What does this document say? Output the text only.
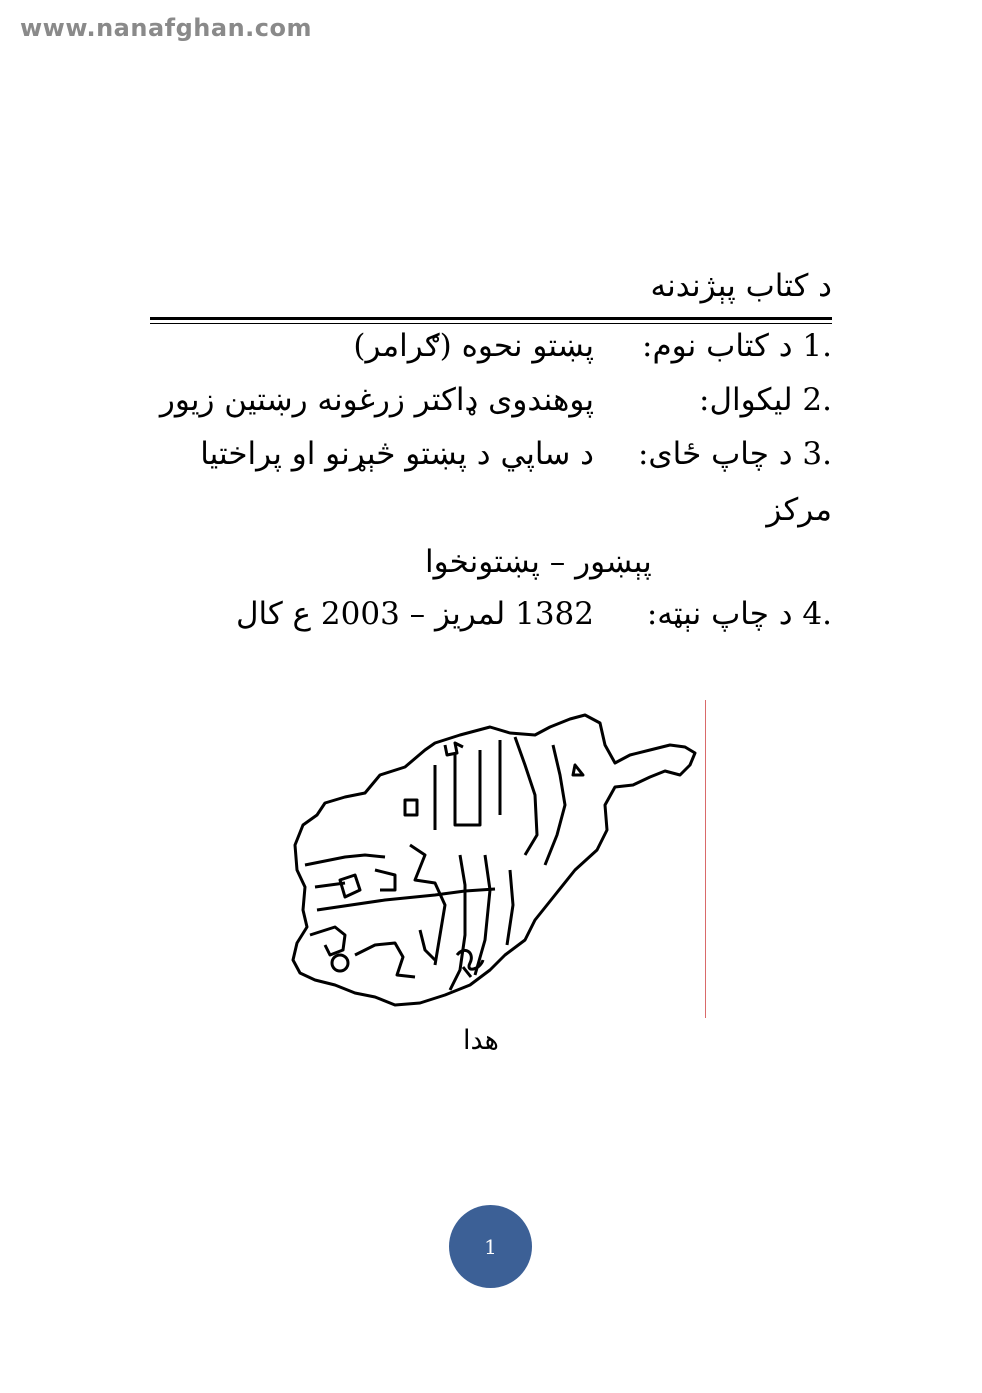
www.nanafghan.com
د کتاب پېژندنه
1. د کتاب نوم:
پښتو نحوه (ګرامر)
2. ليکوال:
پوهندوی ډاکتر زرغونه رښتين زيور
3. د چاپ ځای:
د ساپي د پښتو څېړنو او پراختيا
مرکز
پېښور – پښتونخوا
4. د چاپ نېټه:
1382 لمريز – 2003 ع کال
هدا
1
